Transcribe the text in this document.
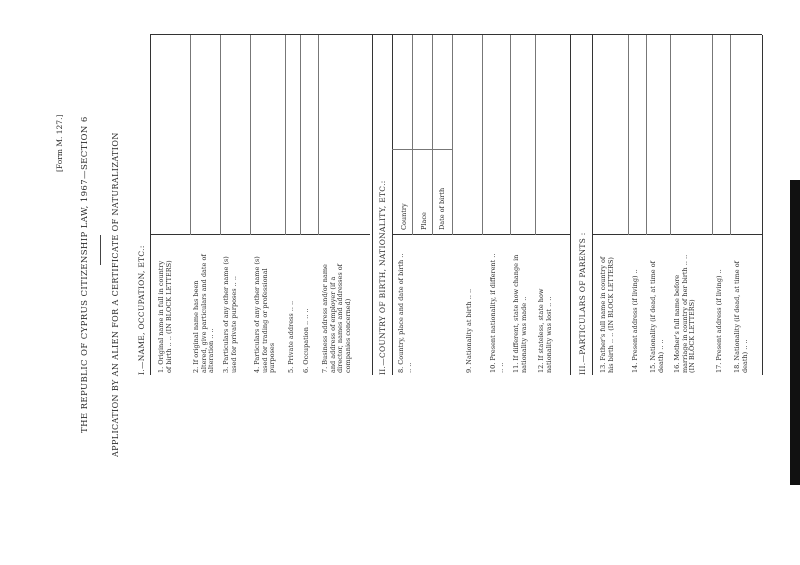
[Form M. 127.] THE REPUBLIC OF CYPRUS CITIZENSHIP LAW, 1967—SECTION 6	APPLICATION BY AN ALIEN FOR A CERTIFICATE OF NATURALIZATION I.—NAME, OCCUPATION, ETC.: 1. Original name in full in country of birth .. .. (IN BLOCK LETTERS)	2. If original name has been altered, give particulars and date of alteration .. .. 3. Particulars of any other name (s) used for private purposes .. .. 4. Particulars of any other name (s) used for trading or professional purposes 5. Private address .. .. 6. Occupation .. .. .. 7. Business address and/or name and address of employer (if a director, names and addresses of companies concerned)	II.—COUNTRY OF BIRTH, NATIONALITY, ETC.: 8. Country, place and date of birth .. .. ..
Country Place Date of birth
9. Nationality at birth .. .. 10. Present nationality, if different .. .. .. 11. If different, state how change in nationality was made .. 12. If stateless, state how nationality was lost .. ..	III.—PARTICULARS OF PARENTS : 13. Father's full name in country of his birth .. .. (IN BLOCK LETTERS)	14. Present address (if living) .. 15. Nationality (if dead, at time of death) .. .. 16. Mother's full name before marriage in country of her birth .. .. (IN BLOCK LETTERS)	17. Present address (if living) .. 18. Nationality (if dead, at time of death) .. ..
